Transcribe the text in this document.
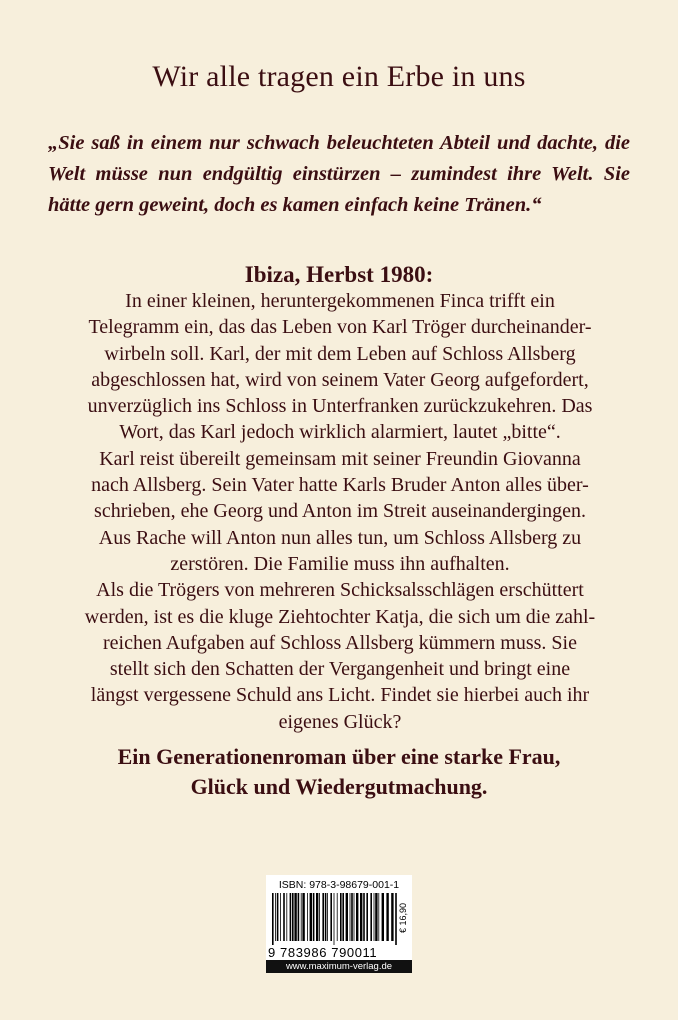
Wir alle tragen ein Erbe in uns
„Sie saß in einem nur schwach beleuchteten Abteil und dachte, die Welt müsse nun endgültig einstürzen – zumindest ihre Welt. Sie hätte gern geweint, doch es kamen einfach keine Tränen.“
Ibiza, Herbst 1980:

In einer kleinen, heruntergekommenen Finca trifft ein Telegramm ein, das das Leben von Karl Tröger durcheinander-wirbeln soll. Karl, der mit dem Leben auf Schloss Allsberg abgeschlossen hat, wird von seinem Vater Georg aufgefordert, unverzüglich ins Schloss in Unterfranken zurückzukehren. Das Wort, das Karl jedoch wirklich alarmiert, lautet „bitte“.

Karl reist übereilt gemeinsam mit seiner Freundin Giovanna nach Allsberg. Sein Vater hatte Karls Bruder Anton alles über-schrieben, ehe Georg und Anton im Streit auseinandergingen. Aus Rache will Anton nun alles tun, um Schloss Allsberg zu zerstören. Die Familie muss ihn aufhalten.

Als die Trögers von mehreren Schicksalsschlägen erschüttert werden, ist es die kluge Ziehtochter Katja, die sich um die zahl-reichen Aufgaben auf Schloss Allsberg kümmern muss. Sie stellt sich den Schatten der Vergangenheit und bringt eine längst vergessene Schuld ans Licht. Findet sie hierbei auch ihr eigenes Glück?

Ein Generationenroman über eine starke Frau,

Glück und Wiedergutmachung.

ISBN: 978-3-98679-001-1
€ 16,90
9 783986 790011
www.maximum-verlag.de
